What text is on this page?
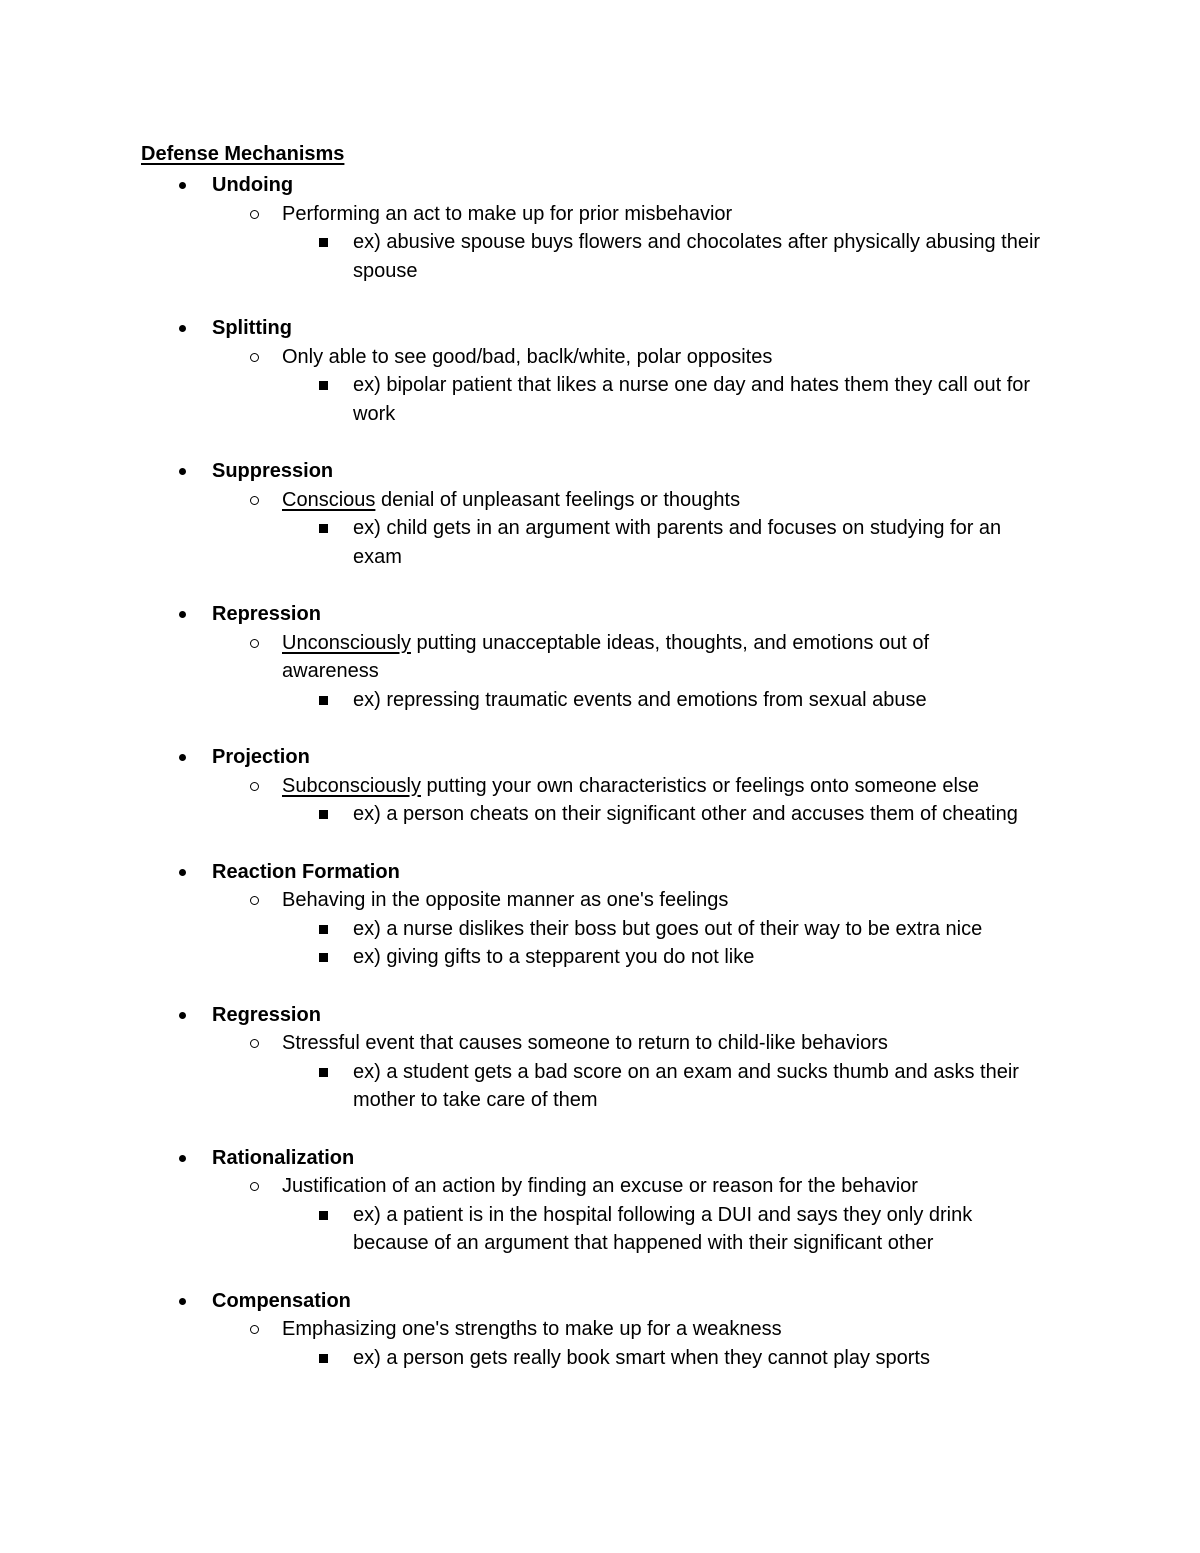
Defense Mechanisms
Undoing
Performing an act to make up for prior misbehavior
ex) abusive spouse buys flowers and chocolates after physically abusing their spouse
Splitting
Only able to see good/bad, baclk/white, polar opposites
ex) bipolar patient that likes a nurse one day and hates them they call out for work
Suppression
Conscious denial of unpleasant feelings or thoughts
ex) child gets in an argument with parents and focuses on studying for an exam
Repression
Unconsciously putting unacceptable ideas, thoughts, and emotions out of awareness
ex) repressing traumatic events and emotions from sexual abuse
Projection
Subconsciously putting your own characteristics or feelings onto someone else
ex) a person cheats on their significant other and accuses them of cheating
Reaction Formation
Behaving in the opposite manner as one's feelings
ex) a nurse dislikes their boss but goes out of their way to be extra nice
ex) giving gifts to a stepparent you do not like
Regression
Stressful event that causes someone to return to child-like behaviors
ex) a student gets a bad score on an exam and sucks thumb and asks their mother to take care of them
Rationalization
Justification of an action by finding an excuse or reason for the behavior
ex) a patient is in the hospital following a DUI and says they only drink because of an argument that happened with their significant other
Compensation
Emphasizing one's strengths to make up for a weakness
ex) a person gets really book smart when they cannot play sports
